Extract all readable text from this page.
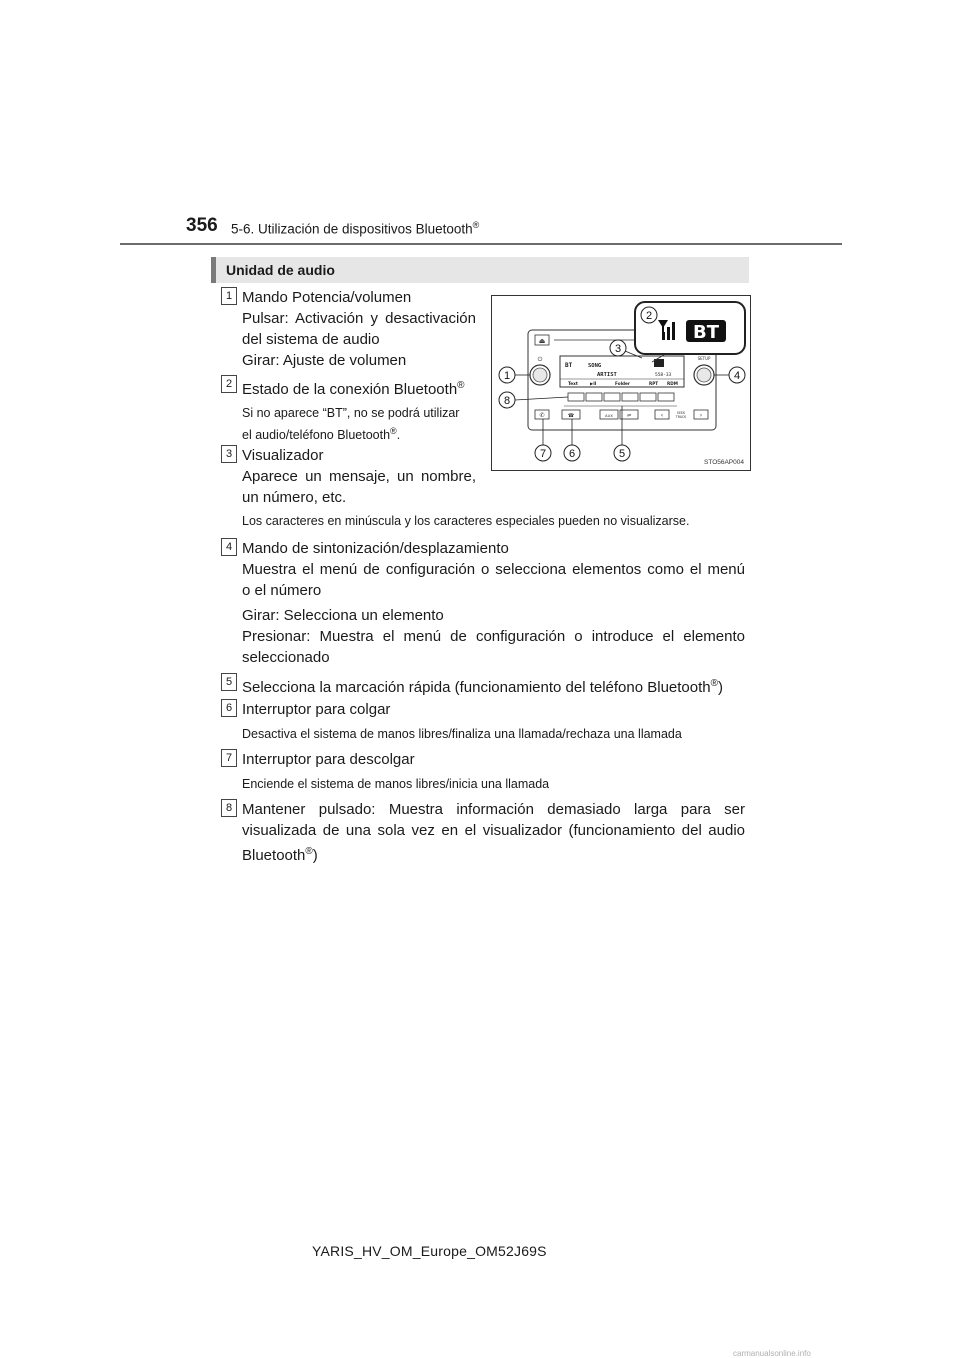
356 5-6. Utilización de dispositivos Bluetooth®
Unidad de audio
1 Mando Potencia/volumen
Pulsar: Activación y desactivación
del sistema de audio
Girar: Ajuste de volumen
2 Estado de la conexión Bluetooth®
Si no aparece “BT”, no se podrá utilizar
el audio/teléfono Bluetooth®.
3 Visualizador
Aparece un mensaje, un nombre,
un número, etc.
Los caracteres en minúscula y los caracteres especiales pueden no visualizarse.
4 Mando de sintonización/desplazamiento
Muestra el menú de configuración o selecciona elementos como el menú
o el número
Girar: Selecciona un elemento
Presionar: Muestra el menú de configuración o introduce el elemento
seleccionado
5 Selecciona la marcación rápida (funcionamiento del teléfono Bluetooth®)
6 Interruptor para colgar
Desactiva el sistema de manos libres/finaliza una llamada/rechaza una llamada
7 Interruptor para descolgar
Enciende el sistema de manos libres/inicia una llamada
8 Mantener pulsado: Muestra información demasiado larga para ser
visualizada de una sola vez en el visualizador (funcionamiento del audio
Bluetooth®)
⏏
⏻	SETUP
BT	SONG
ARTIST	558-33
Text	▶II	Folder	RPT RDM
✆	☎	AUX	⇌	‹	›
SEEK
TRACK
BT
2
3
1	4
8
7 6	5
STO56AP004
YARIS_HV_OM_Europe_OM52J69S
carmanualsonline.info
